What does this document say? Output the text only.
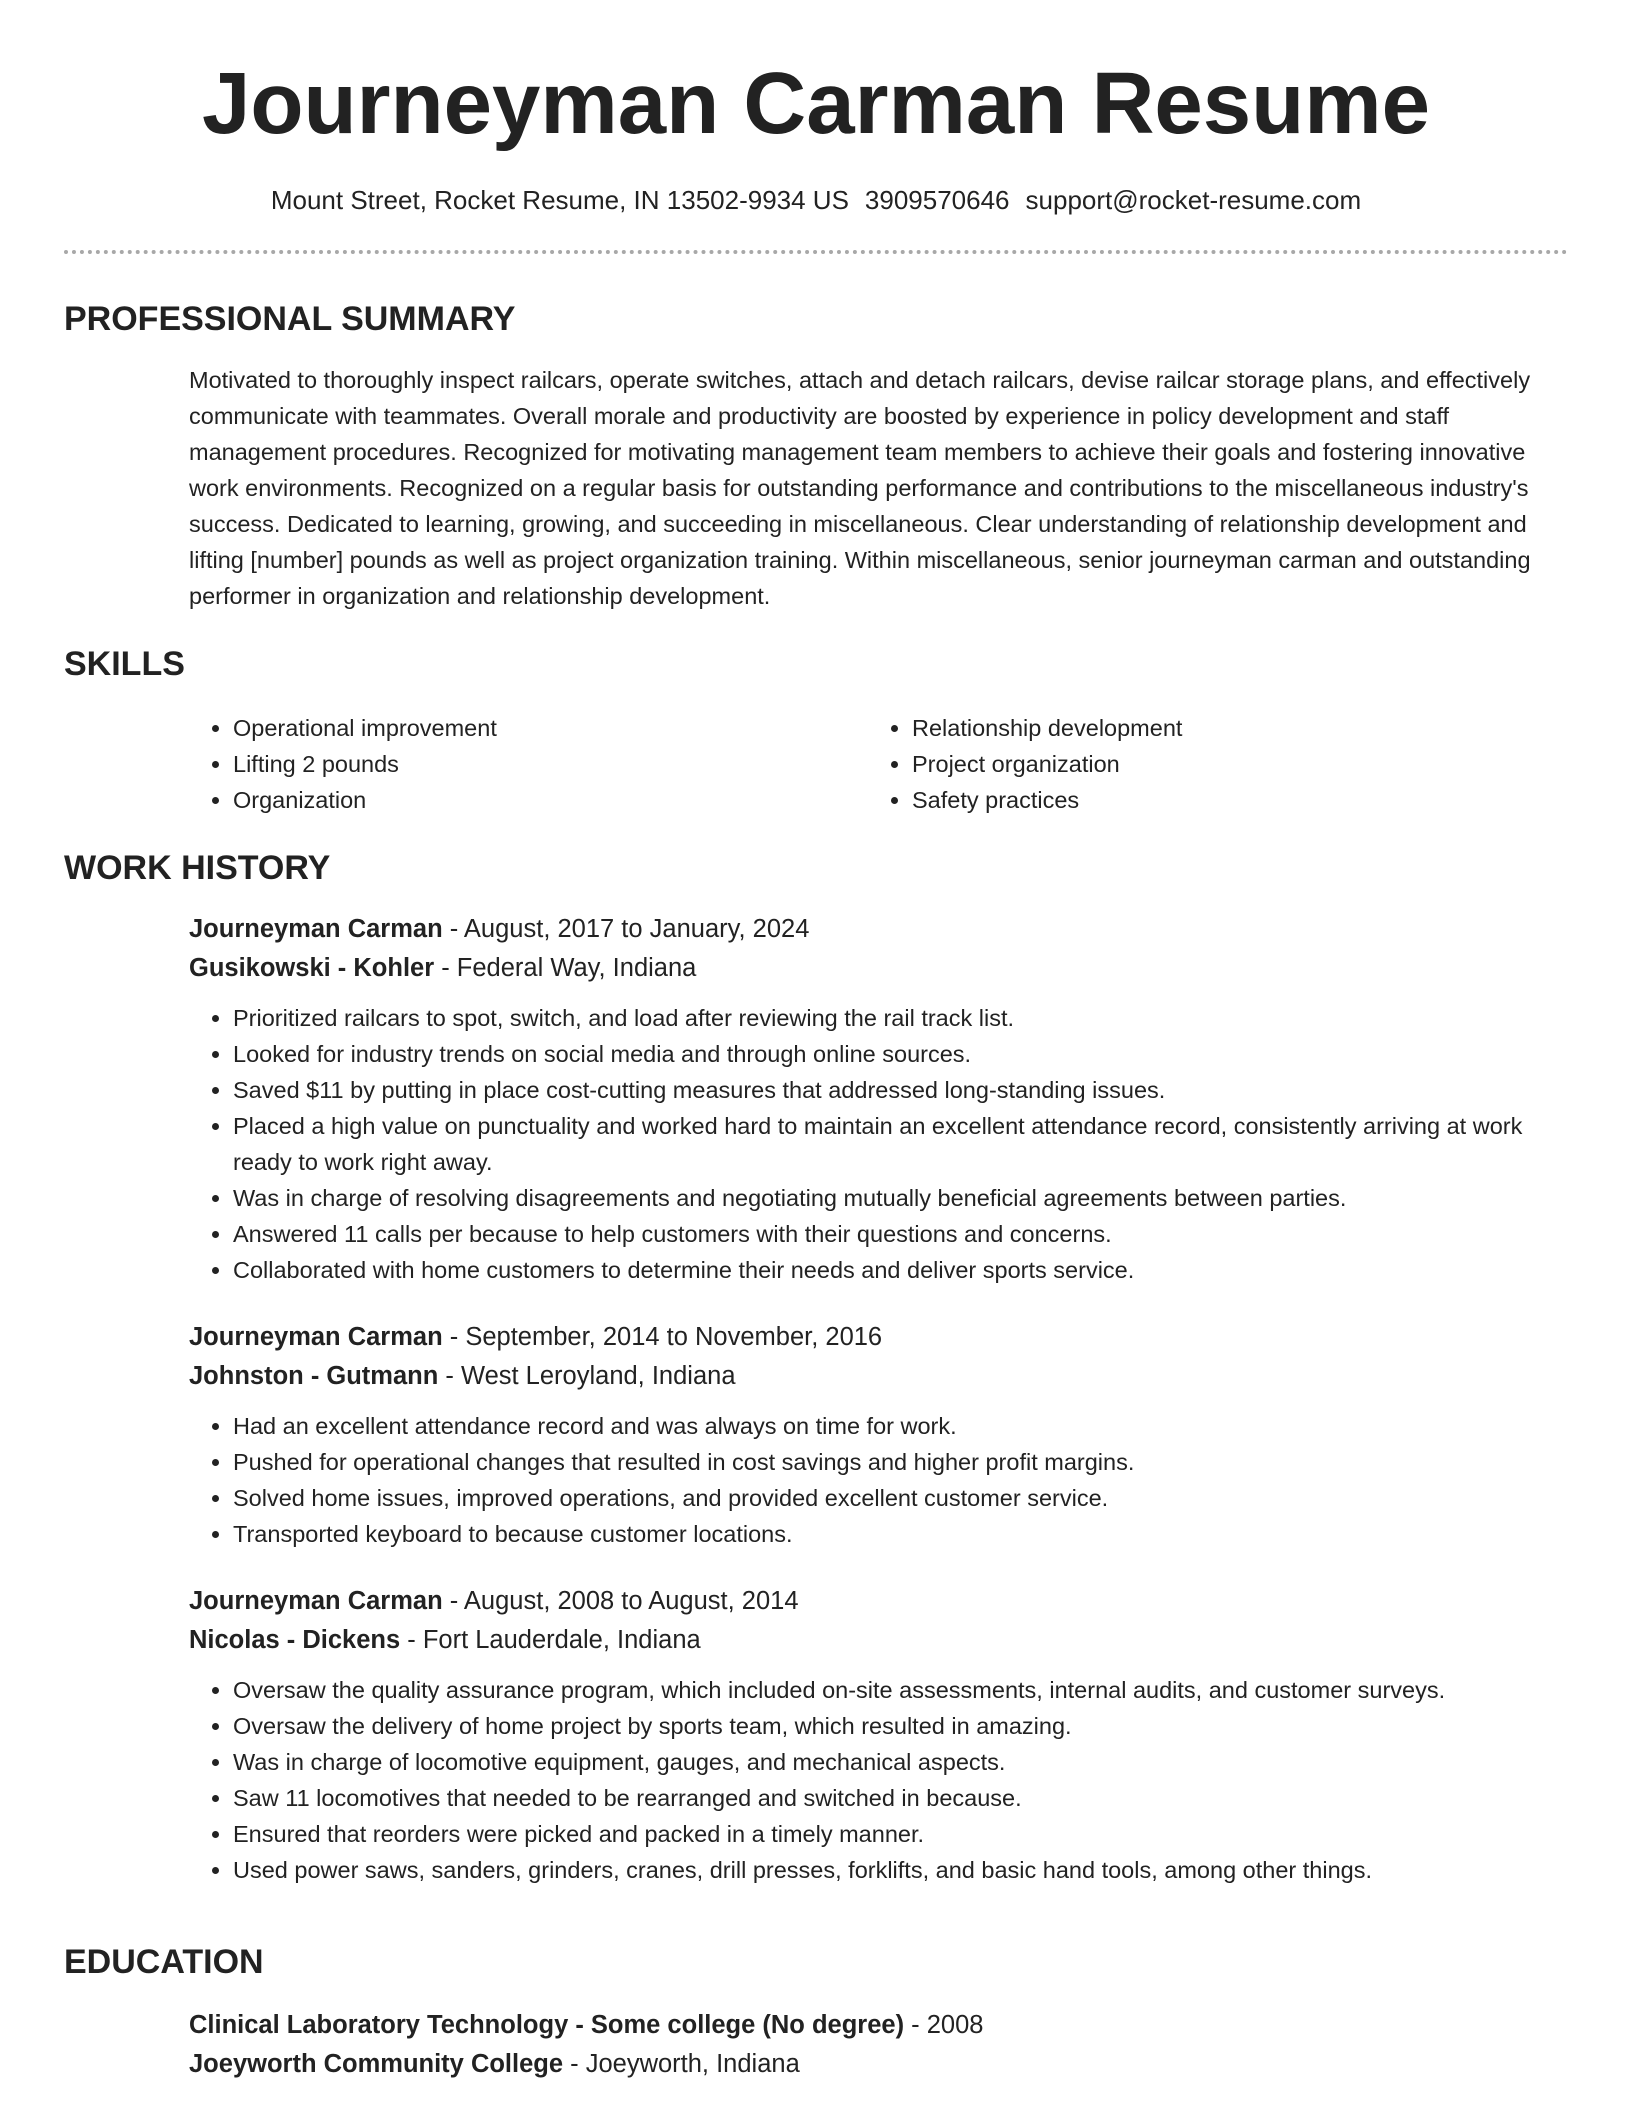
Journeyman Carman Resume
Mount Street, Rocket Resume, IN 13502-9934 US 3909570646 support@rocket-resume.com
PROFESSIONAL SUMMARY

Motivated to thoroughly inspect railcars, operate switches, attach and detach railcars, devise railcar storage plans, and effectively communicate with teammates. Overall morale and productivity are boosted by experience in policy development and staff management procedures. Recognized for motivating management team members to achieve their goals and fostering innovative work environments. Recognized on a regular basis for outstanding performance and contributions to the miscellaneous industry's success. Dedicated to learning, growing, and succeeding in miscellaneous. Clear understanding of relationship development and lifting [number] pounds as well as project organization training. Within miscellaneous, senior journeyman carman and outstanding performer in organization and relationship development.

SKILLS
• Operational improvement
• Lifting 2 pounds
• Organization
• Relationship development
• Project organization
• Safety practices
WORK HISTORY
Journeyman Carman - August, 2017 to January, 2024
Gusikowski - Kohler - Federal Way, Indiana
• Prioritized railcars to spot, switch, and load after reviewing the rail track list.
• Looked for industry trends on social media and through online sources.
• Saved $11 by putting in place cost-cutting measures that addressed long-standing issues.
• Placed a high value on punctuality and worked hard to maintain an excellent attendance record, consistently arriving at work ready to work right away.
• Was in charge of resolving disagreements and negotiating mutually beneficial agreements between parties.
• Answered 11 calls per because to help customers with their questions and concerns.
• Collaborated with home customers to determine their needs and deliver sports service.
Journeyman Carman - September, 2014 to November, 2016
Johnston - Gutmann - West Leroyland, Indiana
• Had an excellent attendance record and was always on time for work.
• Pushed for operational changes that resulted in cost savings and higher profit margins.
• Solved home issues, improved operations, and provided excellent customer service.
• Transported keyboard to because customer locations.
Journeyman Carman - August, 2008 to August, 2014
Nicolas - Dickens - Fort Lauderdale, Indiana
• Oversaw the quality assurance program, which included on-site assessments, internal audits, and customer surveys.
• Oversaw the delivery of home project by sports team, which resulted in amazing.
• Was in charge of locomotive equipment, gauges, and mechanical aspects.
• Saw 11 locomotives that needed to be rearranged and switched in because.
• Ensured that reorders were picked and packed in a timely manner.
• Used power saws, sanders, grinders, cranes, drill presses, forklifts, and basic hand tools, among other things.
EDUCATION
Clinical Laboratory Technology - Some college (No degree) - 2008
Joeyworth Community College - Joeyworth, Indiana
